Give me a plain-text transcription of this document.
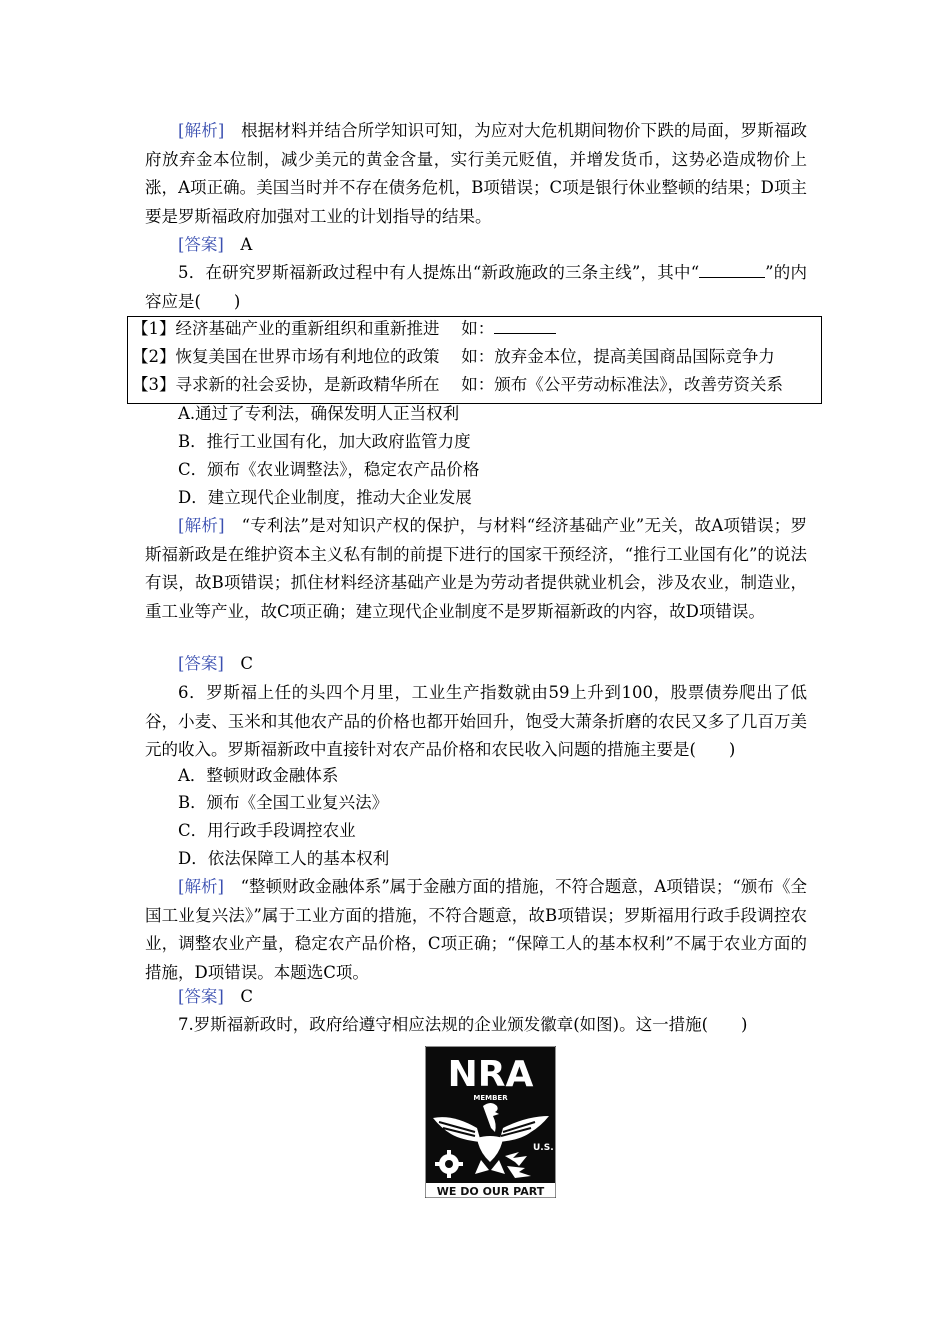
[解析]　 根据材料并结合所学知识可知，为应对大危机期间物价下跌的局面，罗斯福政府放弃金本位制，减少美元的黄金含量，实行美元贬值，并增发货币，这势必造成物价上涨，A项正确。美国当时并不存在债务危机，B项错误；C项是银行休业整顿的结果；D项主要是罗斯福政府加强对工业的计划指导的结果。

[答案]　 A

5．在研究罗斯福新政过程中有人提炼出“新政施政的三条主线”，其中“	”的内容应是(　　)

【1】经济基础产业的重新组织和重新推进　 如：
【2】恢复美国在世界市场有利地位的政策　 如：放弃金本位，提高美国商品国际竞争力
【3】寻求新的社会妥协，是新政精华所在　 如：颁布《公平劳动标准法》，改善劳资关系

A.通过了专利法，确保发明人正当权利

B．推行工业国有化，加大政府监管力度

C．颁布《农业调整法》，稳定农产品价格

D．建立现代企业制度，推动大企业发展

[解析]　 “专利法”是对知识产权的保护，与材料“经济基础产业”无关，故A项错误；罗斯福新政是在维护资本主义私有制的前提下进行的国家干预经济，“推行工业国有化”的说法有误，故B项错误；抓住材料经济基础产业是为劳动者提供就业机会，涉及农业，制造业，重工业等产业，故C项正确；建立现代企业制度不是罗斯福新政的内容，故D项错误。

[答案]　 C

6．罗斯福上任的头四个月里，工业生产指数就由59上升到100，股票债券爬出了低谷，小麦、玉米和其他农产品的价格也都开始回升，饱受大萧条折磨的农民又多了几百万美元的收入。罗斯福新政中直接针对农产品价格和农民收入问题的措施主要是(　　)

A．整顿财政金融体系

B．颁布《全国工业复兴法》

C．用行政手段调控农业

D．依法保障工人的基本权利

[解析]　 “整顿财政金融体系”属于金融方面的措施，不符合题意，A项错误；“颁布《全国工业复兴法》”属于工业方面的措施，不符合题意，故B项错误；罗斯福用行政手段调控农业，调整农业产量，稳定农产品价格，C项正确；“保障工人的基本权利”不属于农业方面的措施，D项错误。本题选C项。

[答案]　 C

7.罗斯福新政时，政府给遵守相应法规的企业颁发徽章(如图)。这一措施(　　)

NRA
MEMBER
U.S.
WE DO OUR PART
